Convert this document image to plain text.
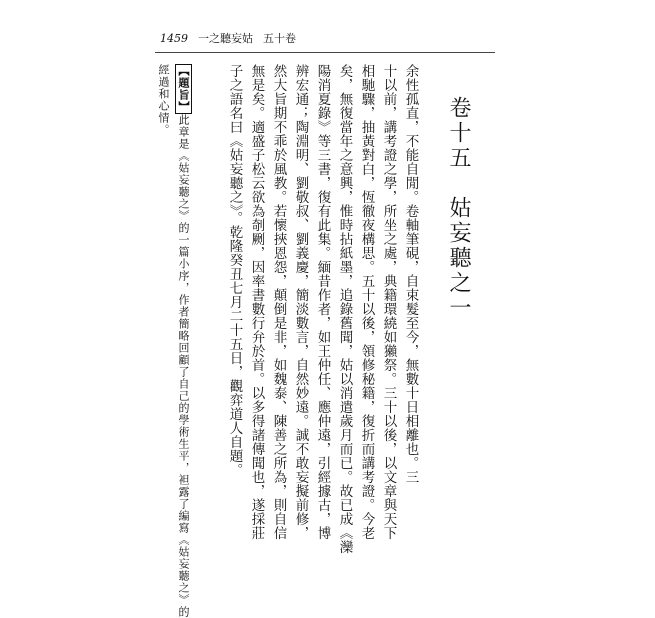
1459 一之聽妄姑 五十卷
卷十五　姑妄聽之一
余性孤直，不能自閒。卷軸筆硯，自束髮至今，無數十日相離也。三
十以前，講考證之學，所坐之處，典籍環繞如獺祭。三十以後，以文章與天下
相馳驟，抽黃對白，恆徹夜構思。五十以後，領修秘籍，復折而講考證。今老
矣，無復當年之意興，惟時拈紙墨，追錄舊聞，姑以消遣歲月而已。故已成《灤
陽消夏錄》等三書，復有此集。緬昔作者，如王仲任、應仲遠，引經據古，博
辨宏通；陶淵明、劉敬叔、劉義慶，簡淡數言，自然妙遠。誠不敢妄擬前修，
然大旨期不乖於風教。若懷挾恩怨，顛倒是非，如魏泰、陳善之所為，則自信
無是矣。適盛子松云欲為剞劂，因率書數行弁於首。以多得諸傳聞也，遂採莊
子之語名曰《姑妄聽之》。乾隆癸丑七月二十五日，觀弈道人自題。
【題旨】此章是《姑妄聽之》的一篇小序，作者簡略回顧了自己的學術生平，袒露了編寫《姑妄聽之》的
經過和心情。
